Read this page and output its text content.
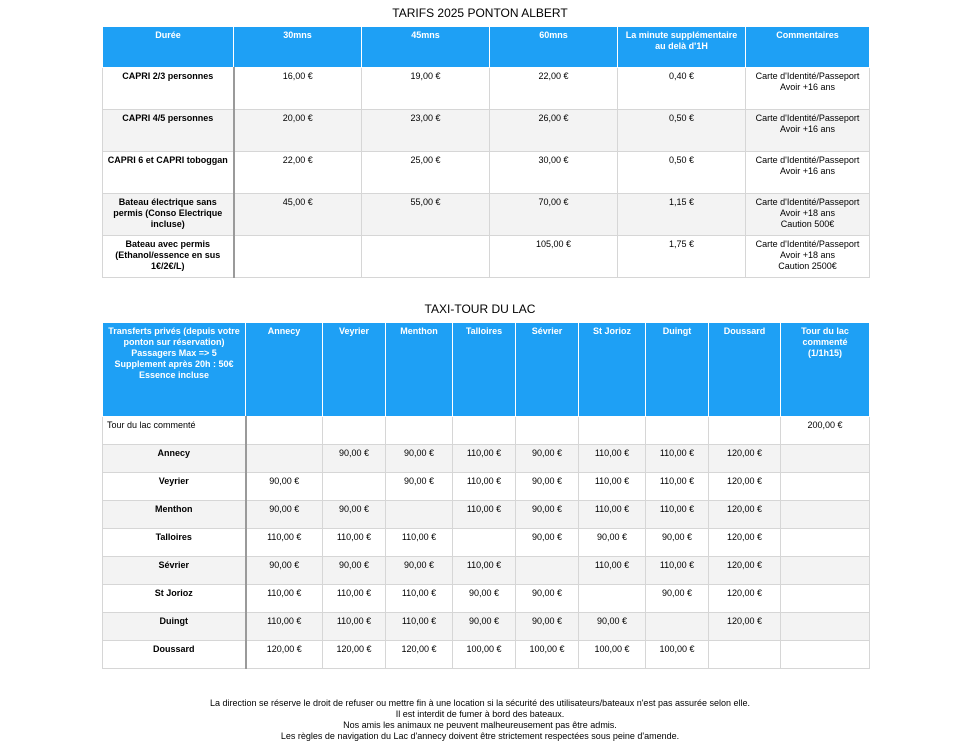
TARIFS 2025 PONTON ALBERT
Durée	30mns	45mns	60mns	La minute supplémentaire au delà d'1H	Commentaires
CAPRI 2/3 personnes	16,00 €	19,00 €	22,00 €	0,40 €	Carte d'Identité/Passeport
Avoir +16 ans
CAPRI 4/5 personnes	20,00 €	23,00 €	26,00 €	0,50 €	Carte d'Identité/Passeport
Avoir +16 ans
CAPRI 6 et CAPRI toboggan	22,00 €	25,00 €	30,00 €	0,50 €	Carte d'Identité/Passeport
Avoir +16 ans
Bateau électrique sans permis (Conso Electrique incluse)	45,00 €	55,00 €	70,00 €	1,15 €	Carte d'Identité/Passeport
Avoir +18 ans
Caution 500€
Bateau avec permis (Ethanol/essence en sus 1€/2€/L)			105,00 €	1,75 €	Carte d'Identité/Passeport
Avoir +18 ans
Caution 2500€
TAXI-TOUR DU LAC
Transferts privés (depuis votre ponton sur réservation) Passagers Max => 5 Supplement après 20h : 50€ Essence incluse	Annecy	Veyrier	Menthon	Talloires	Sévrier	St Jorioz	Duingt	Doussard	Tour du lac commenté (1/1h15)
Tour du lac commenté									200,00 €
Annecy		90,00 €	90,00 €	110,00 €	90,00 €	110,00 €	110,00 €	120,00 €	
Veyrier	90,00 €		90,00 €	110,00 €	90,00 €	110,00 €	110,00 €	120,00 €	
Menthon	90,00 €	90,00 €		110,00 €	90,00 €	110,00 €	110,00 €	120,00 €	
Talloires	110,00 €	110,00 €	110,00 €		90,00 €	90,00 €	90,00 €	120,00 €	
Sévrier	90,00 €	90,00 €	90,00 €	110,00 €		110,00 €	110,00 €	120,00 €	
St Jorioz	110,00 €	110,00 €	110,00 €	90,00 €	90,00 €		90,00 €	120,00 €	
Duingt	110,00 €	110,00 €	110,00 €	90,00 €	90,00 €	90,00 €		120,00 €	
Doussard	120,00 €	120,00 €	120,00 €	100,00 €	100,00 €	100,00 €	100,00 €		
La direction se réserve le droit de refuser ou mettre fin à une location si la sécurité des utilisateurs/bateaux n'est pas assurée selon elle.
Il est interdit de fumer à bord des bateaux.
Nos amis les animaux ne peuvent malheureusement pas être admis.
Les règles de navigation du Lac d'annecy doivent être strictement respectées sous peine d'amende.
